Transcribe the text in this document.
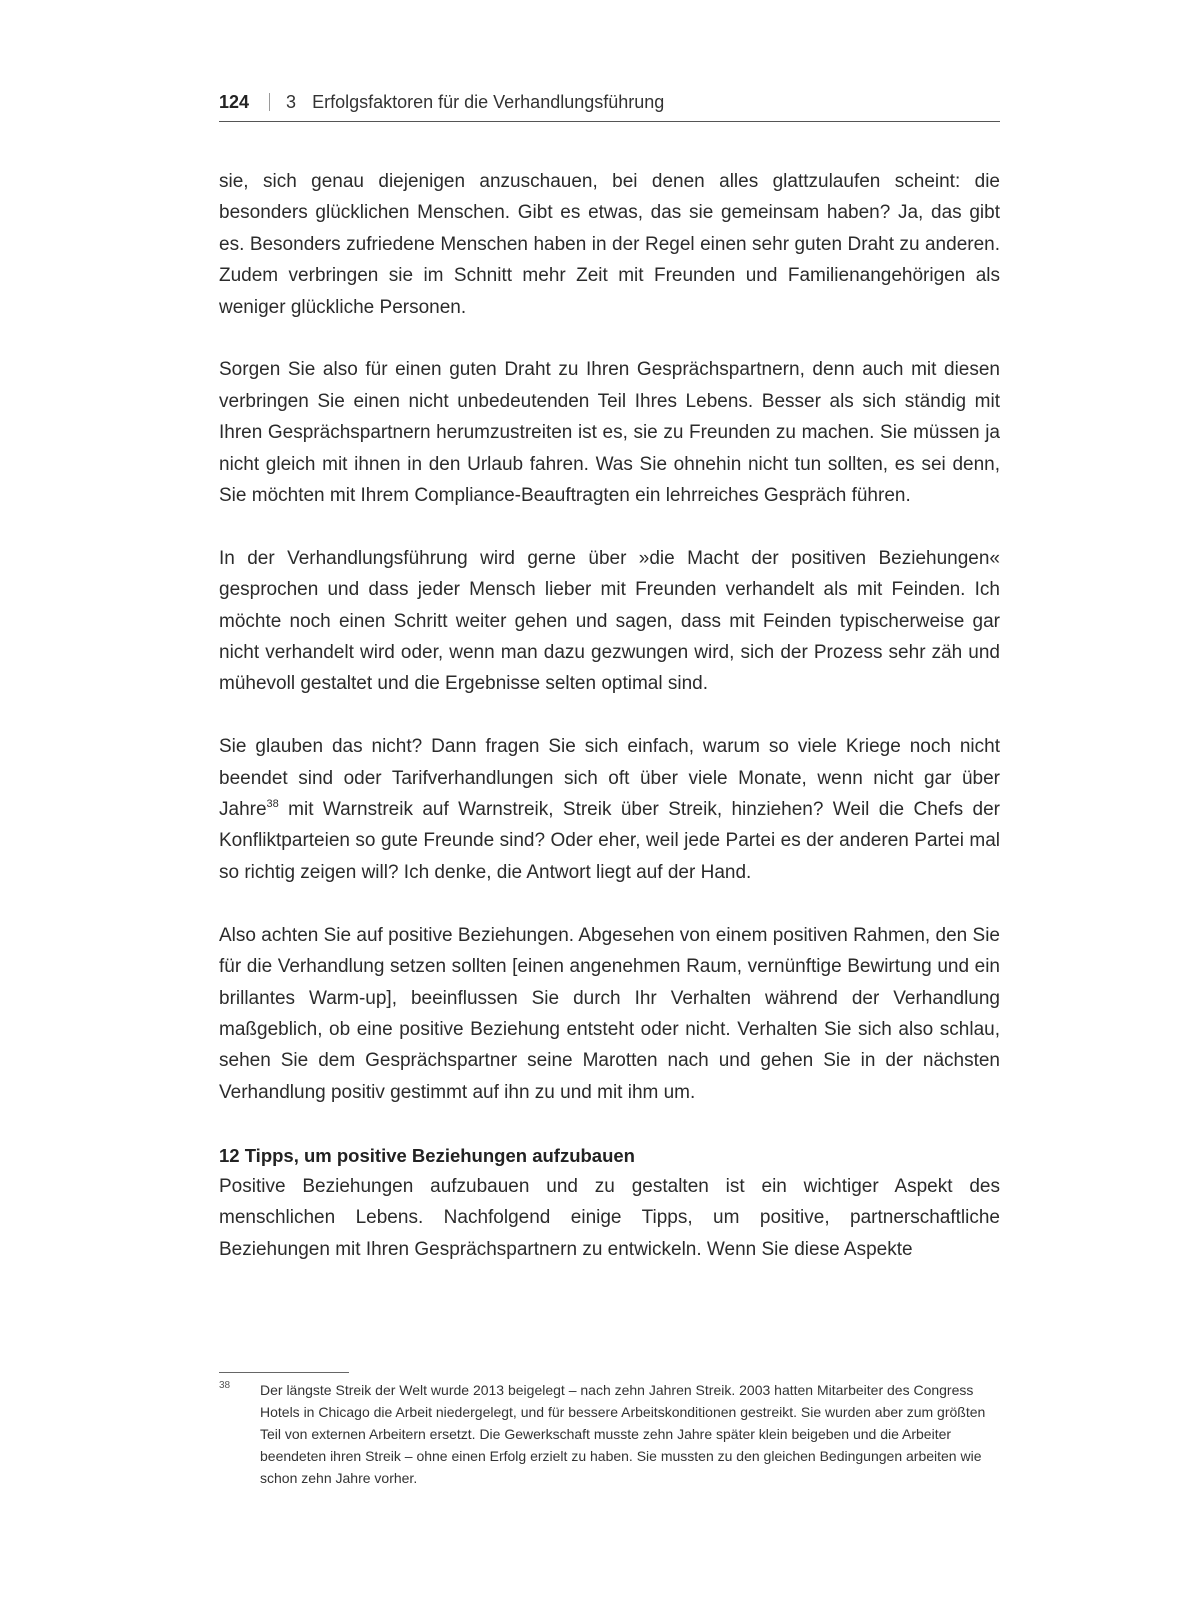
124 3 Erfolgsfaktoren für die Verhandlungsführung

sie, sich genau diejenigen anzuschauen, bei denen alles glattzulaufen scheint: die besonders glücklichen Menschen. Gibt es etwas, das sie gemeinsam haben? Ja, das gibt es. Besonders zufriedene Menschen haben in der Regel einen sehr guten Draht zu anderen. Zudem verbringen sie im Schnitt mehr Zeit mit Freunden und Familienangehörigen als weniger glückliche Personen.

Sorgen Sie also für einen guten Draht zu Ihren Gesprächspartnern, denn auch mit diesen verbringen Sie einen nicht unbedeutenden Teil Ihres Lebens. Besser als sich ständig mit Ihren Gesprächspartnern herumzustreiten ist es, sie zu Freunden zu machen. Sie müssen ja nicht gleich mit ihnen in den Urlaub fahren. Was Sie ohnehin nicht tun sollten, es sei denn, Sie möchten mit Ihrem Compliance-Beauftragten ein lehrreiches Gespräch führen.

In der Verhandlungsführung wird gerne über »die Macht der positiven Beziehungen« gesprochen und dass jeder Mensch lieber mit Freunden verhandelt als mit Feinden. Ich möchte noch einen Schritt weiter gehen und sagen, dass mit Feinden typischerweise gar nicht verhandelt wird oder, wenn man dazu gezwungen wird, sich der Prozess sehr zäh und mühevoll gestaltet und die Ergebnisse selten optimal sind.

Sie glauben das nicht? Dann fragen Sie sich einfach, warum so viele Kriege noch nicht beendet sind oder Tarifverhandlungen sich oft über viele Monate, wenn nicht gar über Jahre$^{38}$ mit Warnstreik auf Warnstreik, Streik über Streik, hinziehen? Weil die Chefs der Konfliktparteien so gute Freunde sind? Oder eher, weil jede Partei es der anderen Partei mal so richtig zeigen will? Ich denke, die Antwort liegt auf der Hand.

Also achten Sie auf positive Beziehungen. Abgesehen von einem positiven Rahmen, den Sie für die Verhandlung setzen sollten [einen angenehmen Raum, vernünftige Bewirtung und ein brillantes Warm-up], beeinflussen Sie durch Ihr Verhalten während der Verhandlung maßgeblich, ob eine positive Beziehung entsteht oder nicht. Verhalten Sie sich also schlau, sehen Sie dem Gesprächspartner seine Marotten nach und gehen Sie in der nächsten Verhandlung positiv gestimmt auf ihn zu und mit ihm um.

12 Tipps, um positive Beziehungen aufzubauen

Positive Beziehungen aufzubauen und zu gestalten ist ein wichtiger Aspekt des menschlichen Lebens. Nachfolgend einige Tipps, um positive, partnerschaftliche Beziehungen mit Ihren Gesprächspartnern zu entwickeln. Wenn Sie diese Aspekte

38 Der längste Streik der Welt wurde 2013 beigelegt – nach zehn Jahren Streik. 2003 hatten Mitarbeiter des Congress Hotels in Chicago die Arbeit niedergelegt, und für bessere Arbeitskonditionen gestreikt. Sie wurden aber zum größten Teil von externen Arbeitern ersetzt. Die Gewerkschaft musste zehn Jahre später klein beigeben und die Arbeiter beendeten ihren Streik – ohne einen Erfolg erzielt zu haben. Sie mussten zu den gleichen Bedingungen arbeiten wie schon zehn Jahre vorher.
